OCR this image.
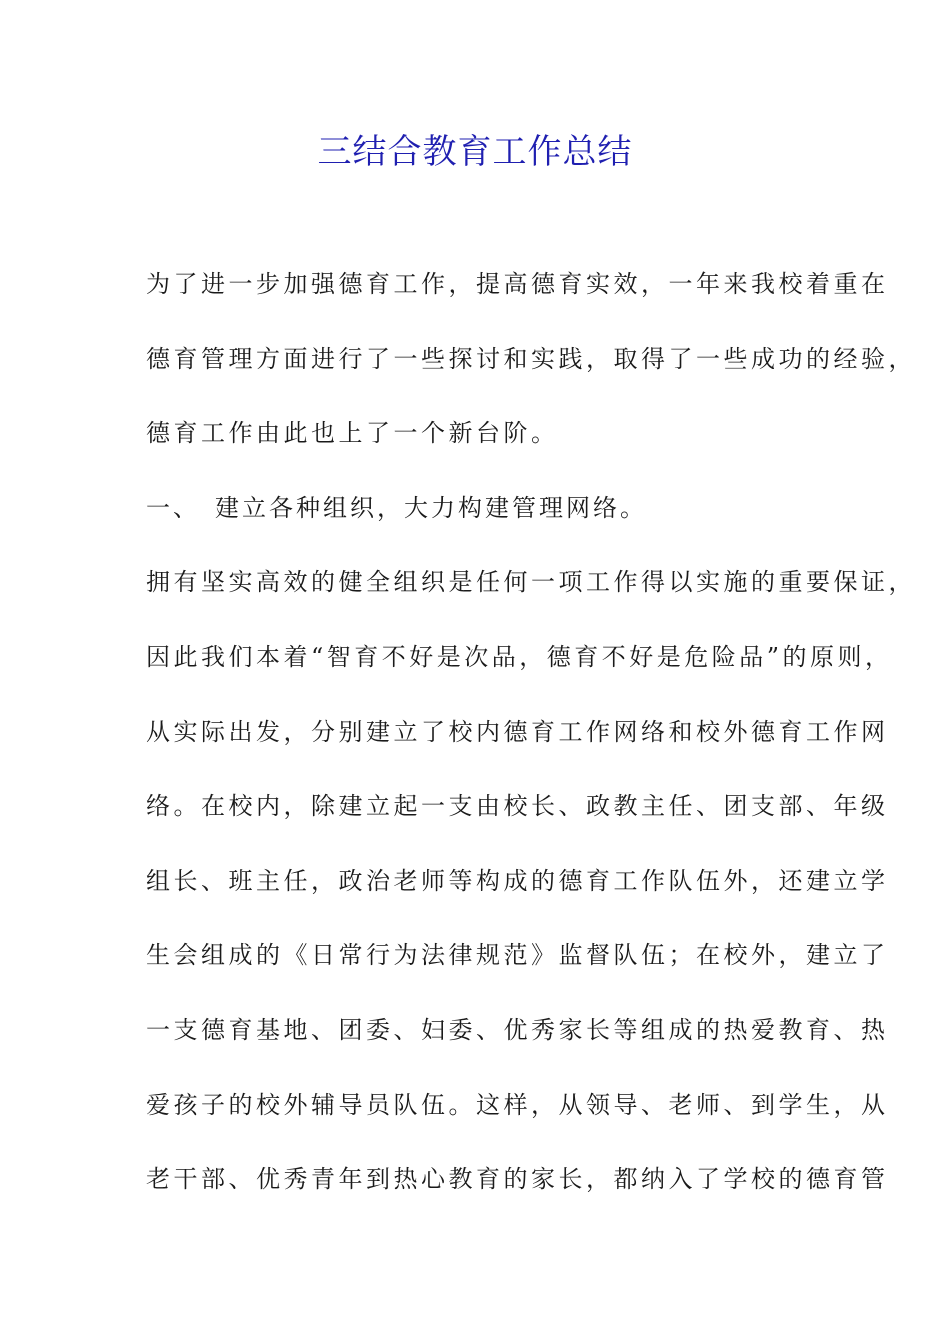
三结合教育工作总结
为了进一步加强德育工作，提高德育实效，一年来我校着重在
德育管理方面进行了一些探讨和实践，取得了一些成功的经验，
德育工作由此也上了一个新台阶。
一、　建立各种组织，大力构建管理网络。
拥有坚实高效的健全组织是任何一项工作得以实施的重要保证，
因此我们本着“智育不好是次品，德育不好是危险品”的原则，
从实际出发，分别建立了校内德育工作网络和校外德育工作网
络。在校内，除建立起一支由校长、政教主任、团支部、年级
组长、班主任，政治老师等构成的德育工作队伍外，还建立学
生会组成的《日常行为法律规范》监督队伍；在校外，建立了
一支德育基地、团委、妇委、优秀家长等组成的热爱教育、热
爱孩子的校外辅导员队伍。这样，从领导、老师、到学生，从
老干部、优秀青年到热心教育的家长，都纳入了学校的德育管
